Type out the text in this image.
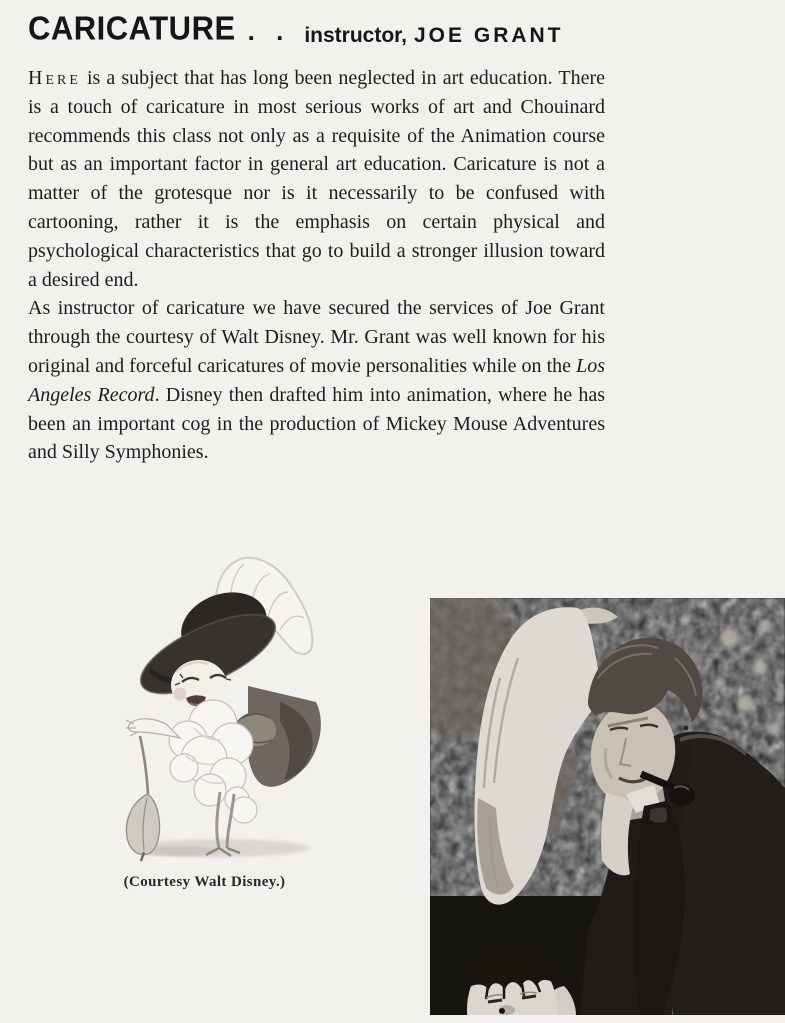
CARICATURE . . instructor, JOE GRANT

Here is a subject that has long been neglected in art education. There is a touch of caricature in most serious works of art and Chouinard recommends this class not only as a requisite of the Animation course but as an important factor in general art education. Caricature is not a matter of the grotesque nor is it necessarily to be confused with cartooning, rather it is the emphasis on certain physical and psychological characteristics that go to build a stronger illusion toward a desired end.

As instructor of caricature we have secured the services of Joe Grant through the courtesy of Walt Disney. Mr. Grant was well known for his original and forceful caricatures of movie personalities while on the Los Angeles Record. Disney then drafted him into animation, where he has been an important cog in the production of Mickey Mouse Adventures and Silly Symphonies.

(Courtesy Walt Disney.)
